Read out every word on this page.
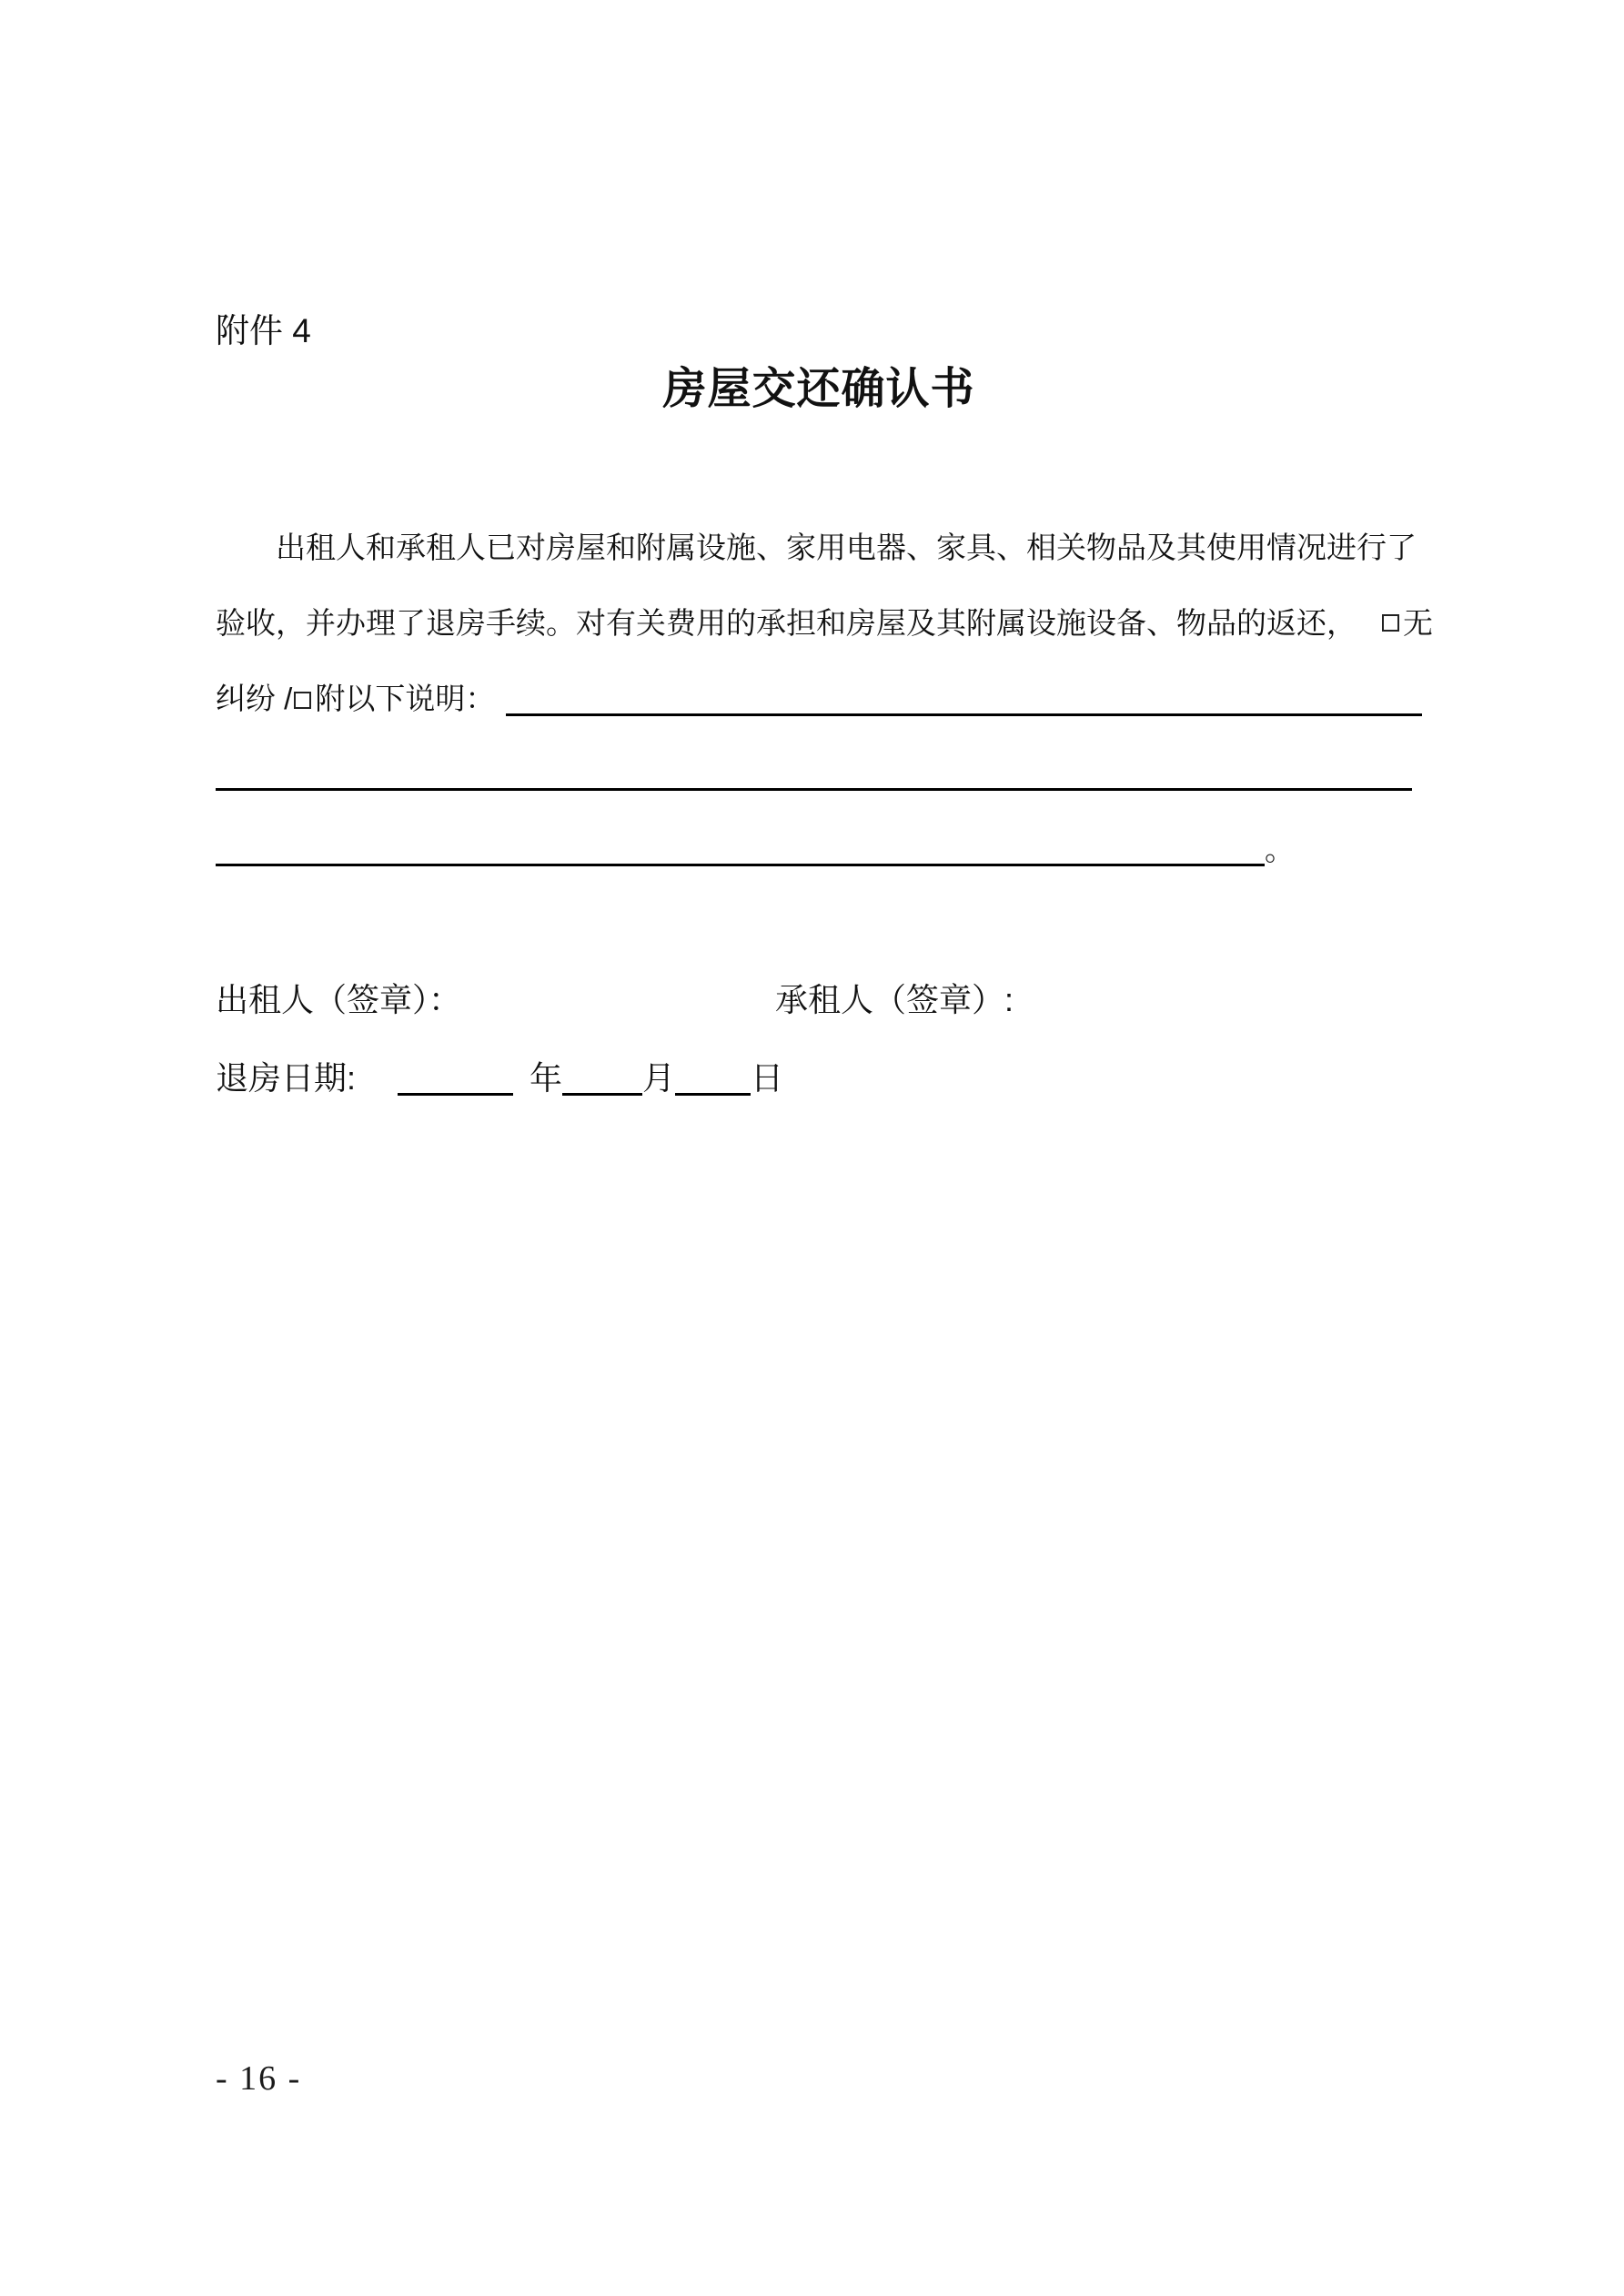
附件 4
房屋交还确认书
出租人和承租人已对房屋和附属设施、家用电器、家具、相关物品及其使用情况进行了
验收，并办理了退房手续。对有关费用的承担和房屋及其附属设施设备、物品的返还， 无
纠纷 / 附以下说明：
。
出租人（签章）：	承租人（签章）:
退房日期:	年 月 日
- 16 -
